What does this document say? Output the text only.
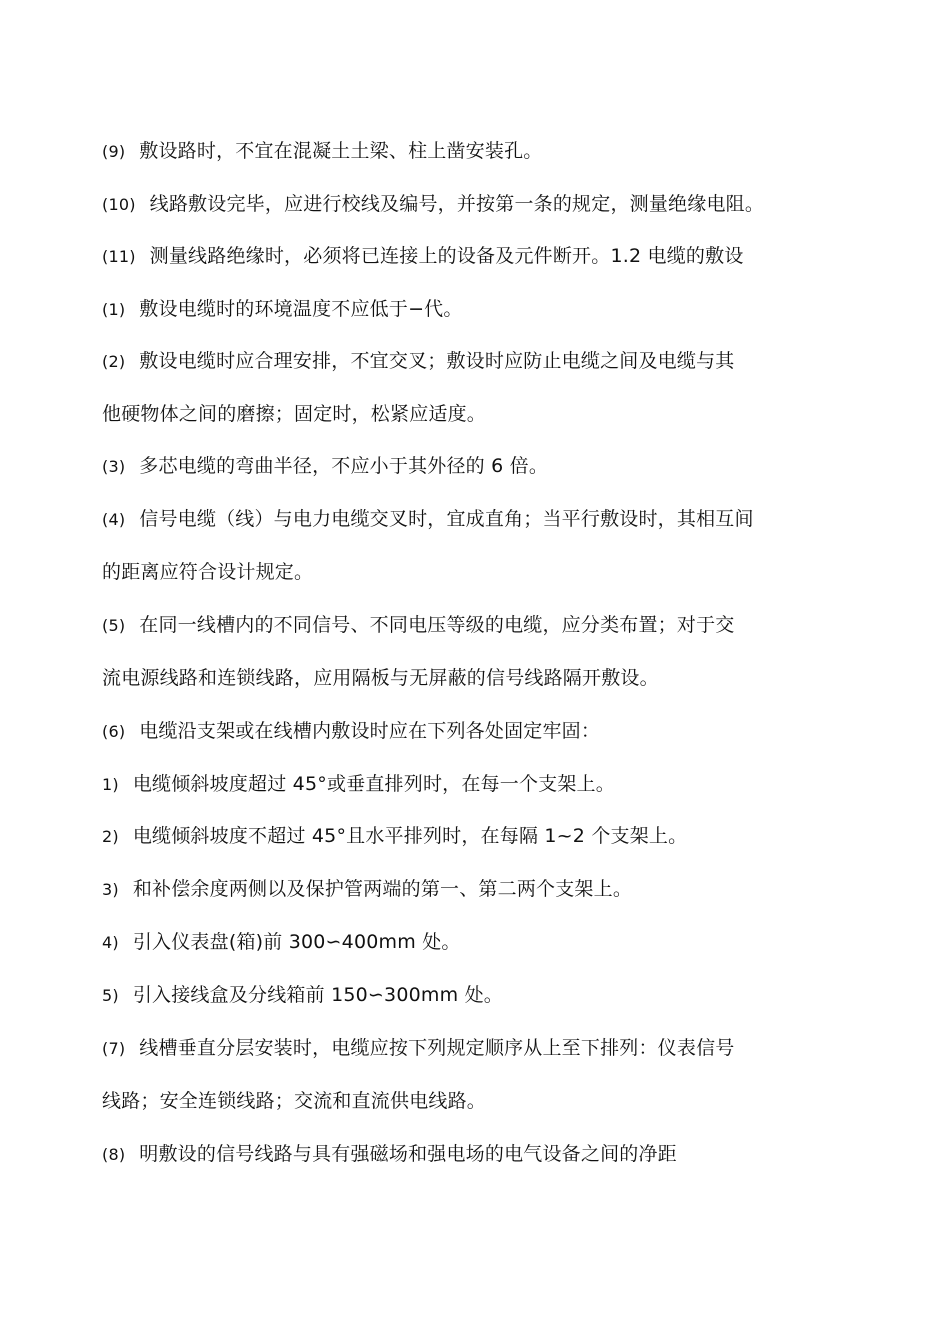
(9) 敷设路时，不宜在混凝土土梁、柱上凿安装孔。
(10) 线路敷设完毕，应进行校线及编号，并按第一条的规定，测量绝缘电阻。
(11) 测量线路绝缘时，必须将已连接上的设备及元件断开。1.2 电缆的敷设
(1) 敷设电缆时的环境温度不应低于−代。
(2) 敷设电缆时应合理安排，不宜交叉；敷设时应防止电缆之间及电缆与其
他硬物体之间的磨擦；固定时，松紧应适度。
(3) 多芯电缆的弯曲半径，不应小于其外径的 6 倍。
(4) 信号电缆（线）与电力电缆交叉时，宜成直角；当平行敷设时，其相互间
的距离应符合设计规定。
(5) 在同一线槽内的不同信号、不同电压等级的电缆，应分类布置；对于交
流电源线路和连锁线路，应用隔板与无屏蔽的信号线路隔开敷设。
(6) 电缆沿支架或在线槽内敷设时应在下列各处固定牢固：
1) 电缆倾斜坡度超过 45°或垂直排列时，在每一个支架上。
2) 电缆倾斜坡度不超过 45°且水平排列时，在每隔 1~2 个支架上。
3) 和补偿余度两侧以及保护管两端的第一、第二两个支架上。
4) 引入仪表盘(箱)前 300∽400mm 处。
5) 引入接线盒及分线箱前 150∽300mm 处。
(7) 线槽垂直分层安装时，电缆应按下列规定顺序从上至下排列：仪表信号
线路；安全连锁线路；交流和直流供电线路。
(8) 明敷设的信号线路与具有强磁场和强电场的电气设备之间的净距
